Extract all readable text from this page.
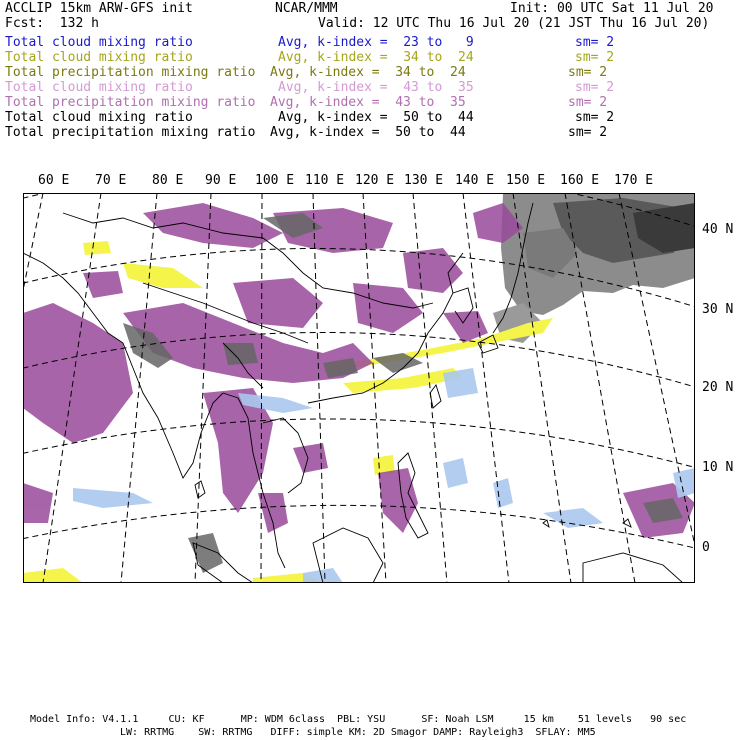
ACCLIP 15km ARW-GFS init	NCAR/MMM	Init: 00 UTC Sat 11 Jul 20
Fcst:  132 h	Valid: 12 UTC Thu 16 Jul 20 (21 JST Thu 16 Jul 20)
Total cloud mixing ratio	Avg, k-index =  23 to   9	sm= 2
Total cloud mixing ratio	Avg, k-index =  34 to  24	sm= 2
Total precipitation mixing ratio Avg, k-index =  34 to  24	sm= 2
Total cloud mixing ratio	Avg, k-index =  43 to  35	sm= 2
Total precipitation mixing ratio Avg, k-index =  43 to  35	sm= 2
Total cloud mixing ratio	Avg, k-index =  50 to  44	sm= 2
Total precipitation mixing ratio Avg, k-index =  50 to  44	sm= 2
60 E 70 E 80 E 90 E 100 E 110 E 120 E 130 E 140 E 150 E 160 E 170 E
40 N
30 N
20 N
10 N
0
Model Info: V4.1.1     CU: KF      MP: WDM 6class  PBL: YSU      SF: Noah LSM     15 km    51 levels   90 sec
LW: RRTMG    SW: RRTMG   DIFF: simple KM: 2D Smagor DAMP: Rayleigh3  SFLAY: MM5
